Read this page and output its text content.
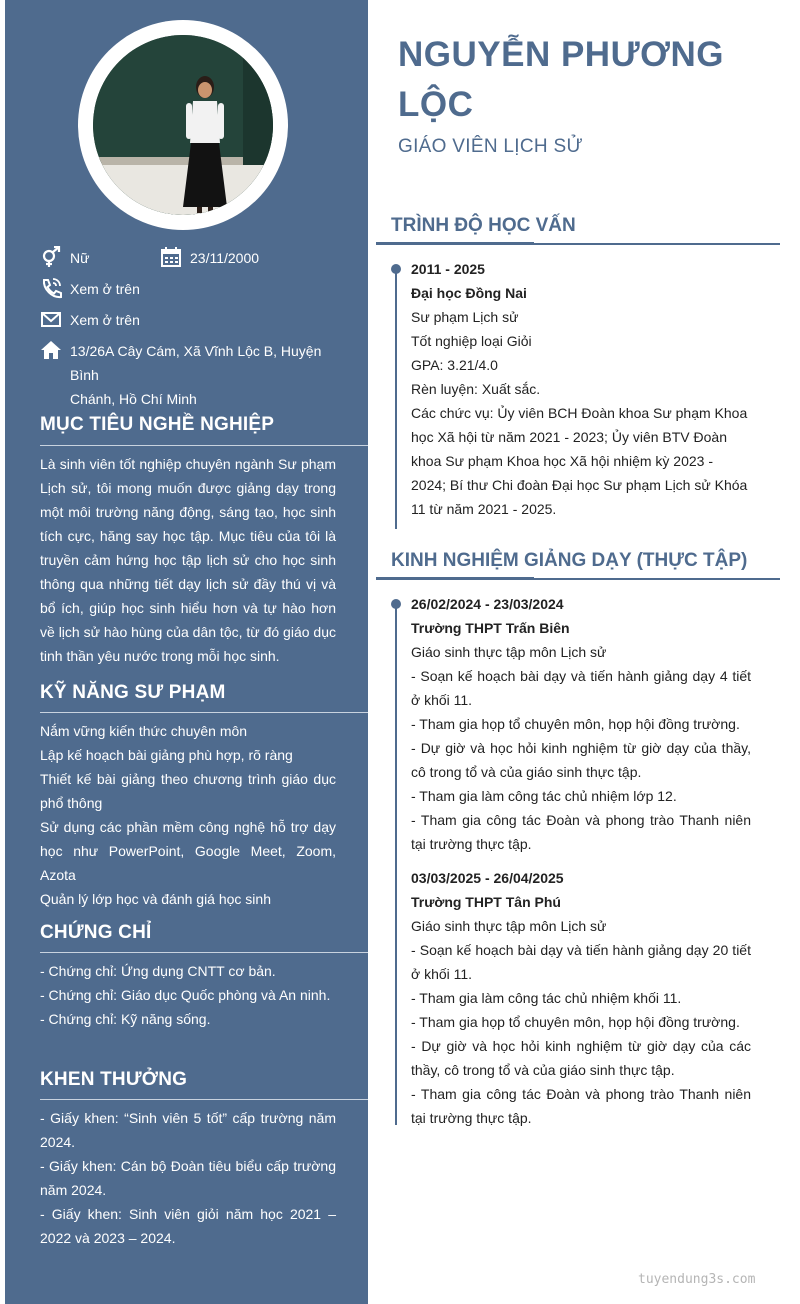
Nữ	23/11/2000
Xem ở trên
Xem ở trên
13/26A Cây Cám, Xã Vĩnh Lộc B, Huyện Bình
Chánh, Hồ Chí Minh
MỤC TIÊU NGHỀ NGHIỆP
Là sinh viên tốt nghiệp chuyên ngành Sư phạm Lịch sử, tôi mong muốn được giảng dạy trong một môi trường năng động, sáng tạo, học sinh tích cực, hăng say học tập. Mục tiêu của tôi là truyền cảm hứng học tập lịch sử cho học sinh thông qua những tiết dạy lịch sử đầy thú vị và bổ ích, giúp học sinh hiểu hơn và tự hào hơn về lịch sử hào hùng của dân tộc, từ đó giáo dục tinh thần yêu nước trong mỗi học sinh.
KỸ NĂNG SƯ PHẠM
Nắm vững kiến thức chuyên môn
Lập kế hoạch bài giảng phù hợp, rõ ràng
Thiết kế bài giảng theo chương trình giáo dục phổ thông
Sử dụng các phần mềm công nghệ hỗ trợ dạy học như PowerPoint, Google Meet, Zoom, Azota
Quản lý lớp học và đánh giá học sinh
CHỨNG CHỈ
- Chứng chỉ: Ứng dụng CNTT cơ bản.
- Chứng chỉ: Giáo dục Quốc phòng và An ninh.
- Chứng chỉ: Kỹ năng sống.
KHEN THƯỞNG
- Giấy khen: “Sinh viên 5 tốt” cấp trường năm 2024.
- Giấy khen: Cán bộ Đoàn tiêu biểu cấp trường năm 2024.
- Giấy khen: Sinh viên giỏi năm học 2021 – 2022 và 2023 – 2024.
NGUYỄN PHƯƠNG LỘC
GIÁO VIÊN LỊCH SỬ
TRÌNH ĐỘ HỌC VẤN
2011 - 2025
Đại học Đồng Nai
Sư phạm Lịch sử
Tốt nghiệp loại Giỏi
GPA: 3.21/4.0
Rèn luyện: Xuất sắc.
Các chức vụ: Ủy viên BCH Đoàn khoa Sư phạm Khoa học Xã hội từ năm 2021 - 2023; Ủy viên BTV Đoàn khoa Sư phạm Khoa học Xã hội nhiệm kỳ 2023 - 2024; Bí thư Chi đoàn Đại học Sư phạm Lịch sử Khóa 11 từ năm 2021 - 2025.
KINH NGHIỆM GIẢNG DẠY (THỰC TẬP)
26/02/2024 - 23/03/2024
Trường THPT Trấn Biên
Giáo sinh thực tập môn Lịch sử
- Soạn kế hoạch bài dạy và tiến hành giảng dạy 4 tiết ở khối 11.
- Tham gia họp tổ chuyên môn, họp hội đồng trường.
- Dự giờ và học hỏi kinh nghiệm từ giờ dạy của thầy, cô trong tổ và của giáo sinh thực tập.
- Tham gia làm công tác chủ nhiệm lớp 12.
- Tham gia công tác Đoàn và phong trào Thanh niên tại trường thực tập.
03/03/2025 - 26/04/2025
Trường THPT Tân Phú
Giáo sinh thực tập môn Lịch sử
- Soạn kế hoạch bài dạy và tiến hành giảng dạy 20 tiết ở khối 11.
- Tham gia làm công tác chủ nhiệm khối 11.
- Tham gia họp tổ chuyên môn, họp hội đồng trường.
- Dự giờ và học hỏi kinh nghiệm từ giờ dạy của các thầy, cô trong tổ và của giáo sinh thực tập.
- Tham gia công tác Đoàn và phong trào Thanh niên tại trường thực tập.
tuyendung3s.com
